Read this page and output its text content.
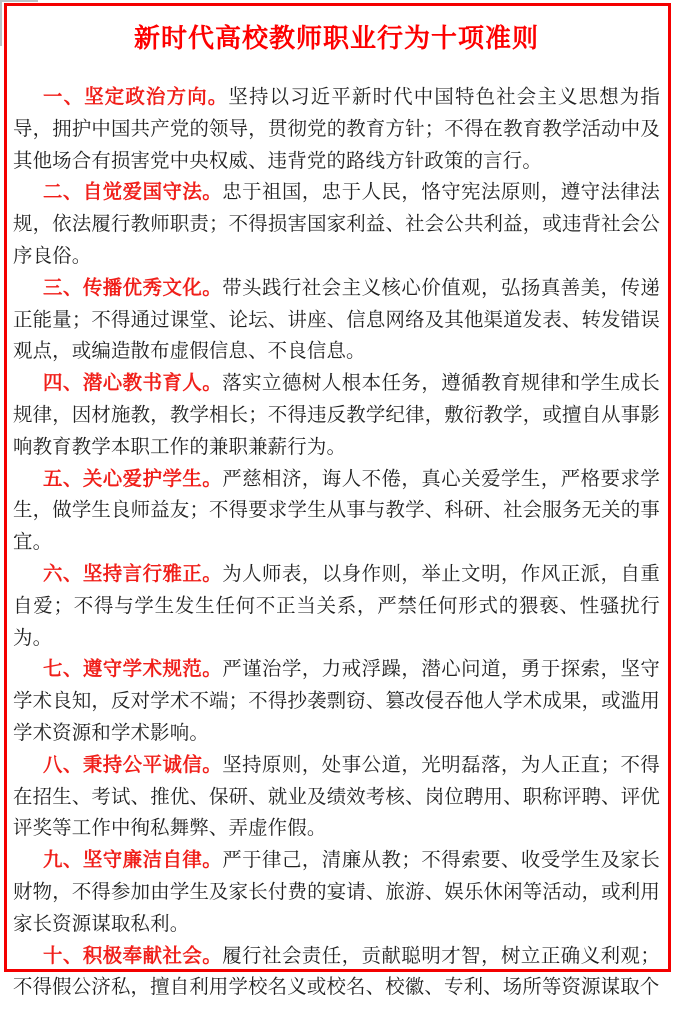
新时代高校教师职业行为十项准则

一、坚定政治方向。坚持以习近平新时代中国特色社会主义思想为指导，拥护中国共产党的领导，贯彻党的教育方针；不得在教育教学活动中及其他场合有损害党中央权威、违背党的路线方针政策的言行。

二、自觉爱国守法。忠于祖国，忠于人民，恪守宪法原则，遵守法律法规，依法履行教师职责；不得损害国家利益、社会公共利益，或违背社会公序良俗。

三、传播优秀文化。带头践行社会主义核心价值观，弘扬真善美，传递正能量；不得通过课堂、论坛、讲座、信息网络及其他渠道发表、转发错误观点，或编造散布虚假信息、不良信息。

四、潜心教书育人。落实立德树人根本任务，遵循教育规律和学生成长规律，因材施教，教学相长；不得违反教学纪律，敷衍教学，或擅自从事影响教育教学本职工作的兼职兼薪行为。

五、关心爱护学生。严慈相济，诲人不倦，真心关爱学生，严格要求学生，做学生良师益友；不得要求学生从事与教学、科研、社会服务无关的事宜。

六、坚持言行雅正。为人师表，以身作则，举止文明，作风正派，自重自爱；不得与学生发生任何不正当关系，严禁任何形式的猥亵、性骚扰行为。

七、遵守学术规范。严谨治学，力戒浮躁，潜心问道，勇于探索，坚守学术良知，反对学术不端；不得抄袭剽窃、篡改侵吞他人学术成果，或滥用学术资源和学术影响。

八、秉持公平诚信。坚持原则，处事公道，光明磊落，为人正直；不得在招生、考试、推优、保研、就业及绩效考核、岗位聘用、职称评聘、评优评奖等工作中徇私舞弊、弄虚作假。

九、坚守廉洁自律。严于律己，清廉从教；不得索要、收受学生及家长财物，不得参加由学生及家长付费的宴请、旅游、娱乐休闲等活动，或利用家长资源谋取私利。

十、积极奉献社会。履行社会责任，贡献聪明才智，树立正确义利观；不得假公济私，擅自利用学校名义或校名、校徽、专利、场所等资源谋取个
